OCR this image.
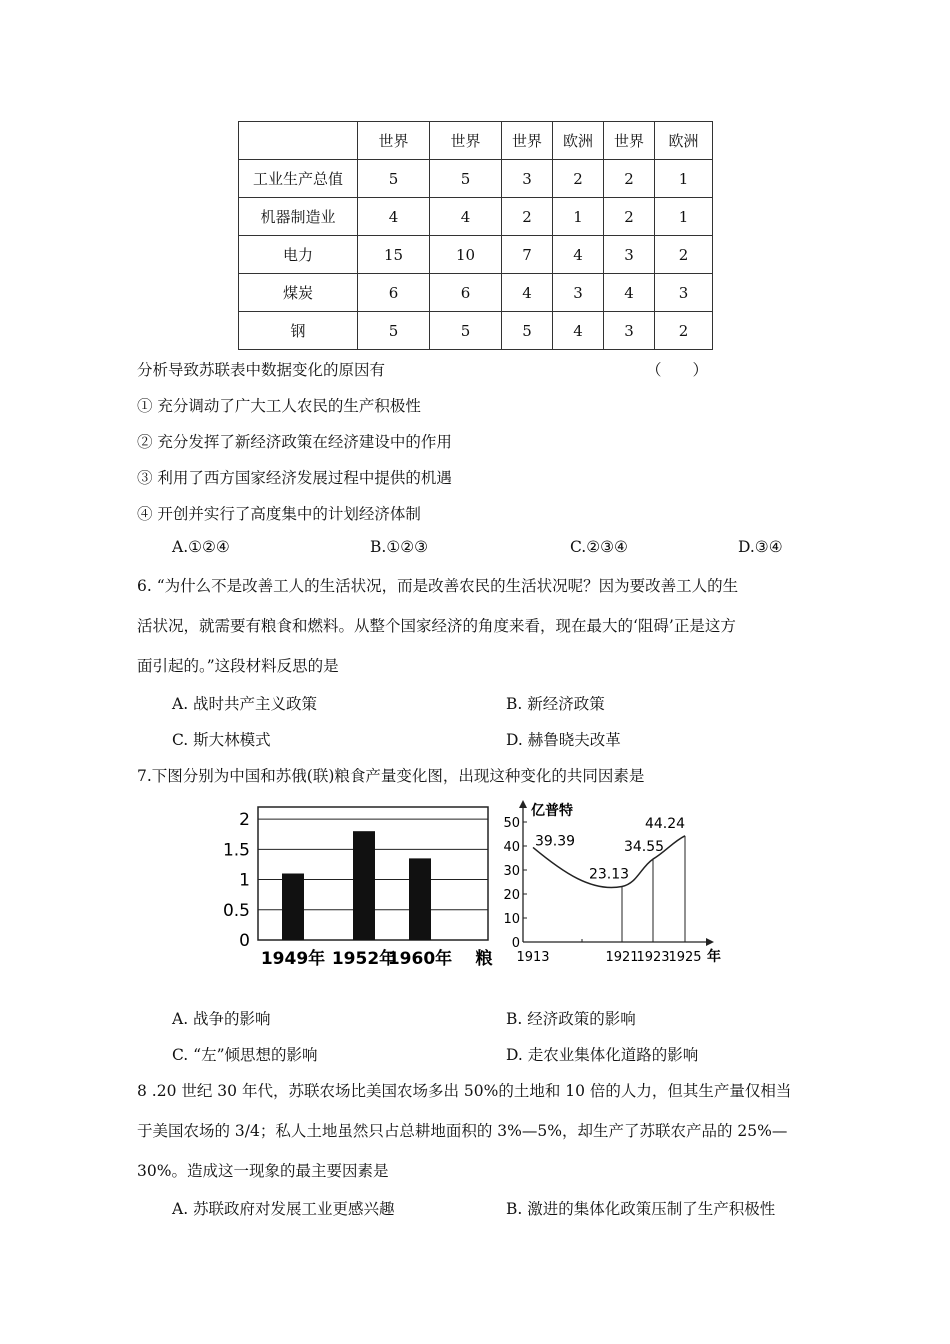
	世界	世界	世界	欧洲	世界	欧洲
工业生产总值	5	5	3	2	2	1
机器制造业	4	4	2	1	2	1
电力	15	10	7	4	3	2
煤炭	6	6	4	3	4	3
钢	5	5	5	4	3	2
分析导致苏联表中数据变化的原因有	（　　）
① 充分调动了广大工人农民的生产积极性
② 充分发挥了新经济政策在经济建设中的作用
③ 利用了西方国家经济发展过程中提供的机遇
④ 开创并实行了高度集中的计划经济体制
A.①②④	B.①②③	C.②③④	D.③④
6. “为什么不是改善工人的生活状况，而是改善农民的生活状况呢？因为要改善工人的生
活状况，就需要有粮食和燃料。从整个国家经济的角度来看，现在最大的‘阻碍’正是这方
面引起的。”这段材料反思的是
A. 战时共产主义政策	B. 新经济政策
C. 斯大林模式	D. 赫鲁晓夫改革
7.下图分别为中国和苏俄(联)粮食产量变化图，出现这种变化的共同因素是
0
0.5
1
1.5
2
1949年 1952年
1960年 粮
亿普特
年
0
10
20
30
40
50
1913	1921
1923
1925
39.39
23.13
34.55
44.24
A. 战争的影响	B. 经济政策的影响
C. “左”倾思想的影响	D. 走农业集体化道路的影响
8 .20 世纪 30 年代，苏联农场比美国农场多出 50%的土地和 10 倍的人力，但其生产量仅相当
于美国农场的 3/4；私人土地虽然只占总耕地面积的 3%—5%，却生产了苏联农产品的 25%—
30%。造成这一现象的最主要因素是
A. 苏联政府对发展工业更感兴趣	B. 激进的集体化政策压制了生产积极性
